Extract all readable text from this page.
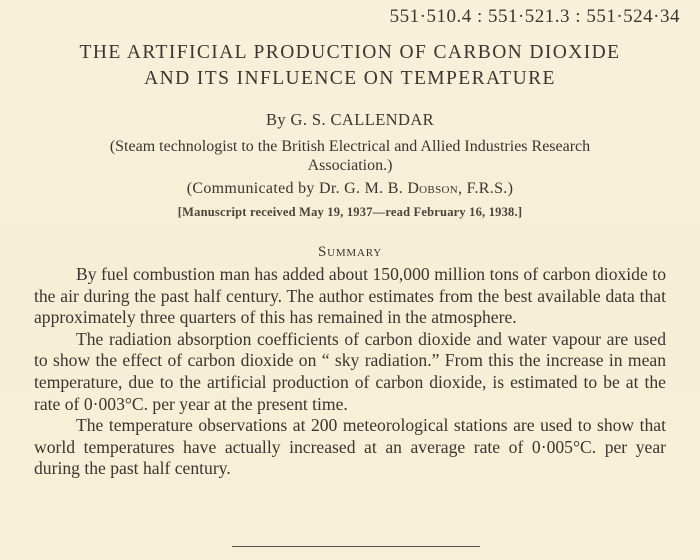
551·510.4 : 551·521.3 : 551·524·34
THE ARTIFICIAL PRODUCTION OF CARBON DIOXIDE
AND ITS INFLUENCE ON TEMPERATURE
By G. S. CALLENDAR
(Steam technologist to the British Electrical and Allied Industries Research Association.)
(Communicated by Dr. G. M. B. Dobson, F.R.S.)
[Manuscript received May 19, 1937—read February 16, 1938.]
Summary

By fuel combustion man has added about 150,000 million tons of carbon dioxide to the air during the past half century. The author estimates from the best available data that approximately three quarters of this has remained in the atmosphere.

The radiation absorption coefficients of carbon dioxide and water vapour are used to show the effect of carbon dioxide on “ sky radiation.” From this the increase in mean temperature, due to the artificial production of carbon dioxide, is estimated to be at the rate of 0·003°C. per year at the present time.

The temperature observations at 200 meteorological stations are used to show that world temperatures have actually increased at an average rate of 0·005°C. per year during the past half century.
